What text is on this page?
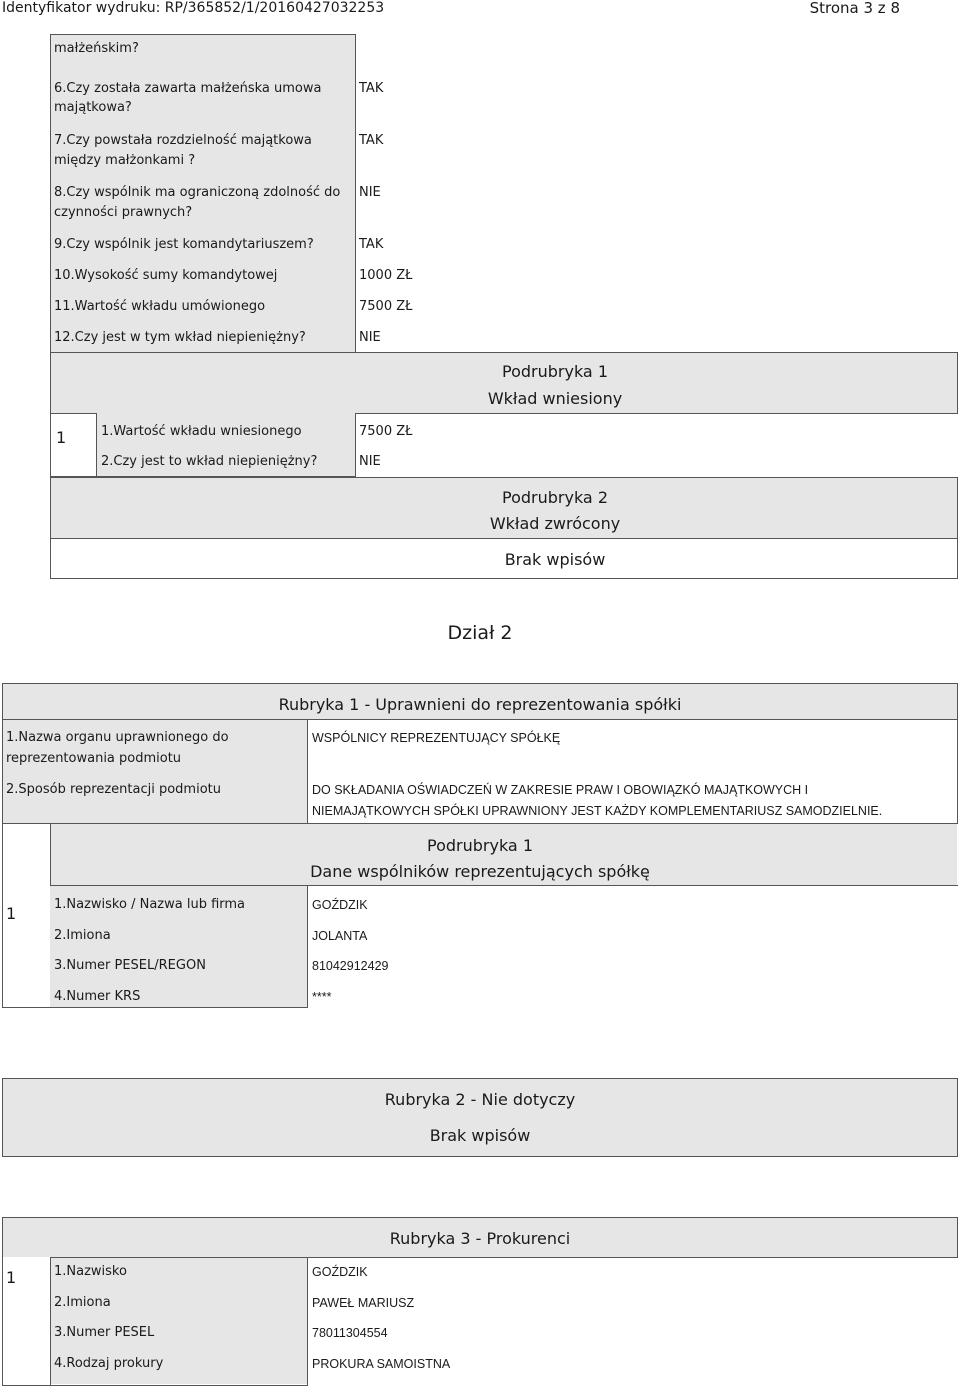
Identyfikator wydruku: RP/365852/1/20160427032253	Strona 3 z 8
małżeńskim?
6.Czy została zawarta małżeńska umowa
majątkowa?
TAK
7.Czy powstała rozdzielność majątkowa
między małżonkami ?
TAK
8.Czy wspólnik ma ograniczoną zdolność do
czynności prawnych?
NIE
9.Czy wspólnik jest komandytariuszem?	TAK
10.Wysokość sumy komandytowej	1000 ZŁ
11.Wartość wkładu umówionego	7500 ZŁ
12.Czy jest w tym wkład niepieniężny?	NIE
Podrubryka 1
Wkład wniesiony
1	1.Wartość wkładu wniesionego	7500 ZŁ
2.Czy jest to wkład niepieniężny?	NIE
Podrubryka 2
Wkład zwrócony
Brak wpisów
Dział 2
Rubryka 1 - Uprawnieni do reprezentowania spółki
1.Nazwa organu uprawnionego do
reprezentowania podmiotu
WSPÓLNICY REPREZENTUJĄCY SPÓŁKĘ
2.Sposób reprezentacji podmiotu	DO SKŁADANIA OŚWIADCZEŃ W ZAKRESIE PRAW I OBOWIĄZKÓ MAJĄTKOWYCH I
NIEMAJĄTKOWYCH SPÓŁKI UPRAWNIONY JEST KAŻDY KOMPLEMENTARIUSZ SAMODZIELNIE.
Podrubryka 1
Dane wspólników reprezentujących spółkę
1	1.Nazwisko / Nazwa lub firma	GOŹDZIK
2.Imiona	JOLANTA
3.Numer PESEL/REGON	81042912429
4.Numer KRS	****
Rubryka 2 - Nie dotyczy
Brak wpisów
Rubryka 3 - Prokurenci
1	1.Nazwisko	GOŹDZIK
2.Imiona	PAWEŁ MARIUSZ
3.Numer PESEL	78011304554
4.Rodzaj prokury	PROKURA SAMOISTNA
